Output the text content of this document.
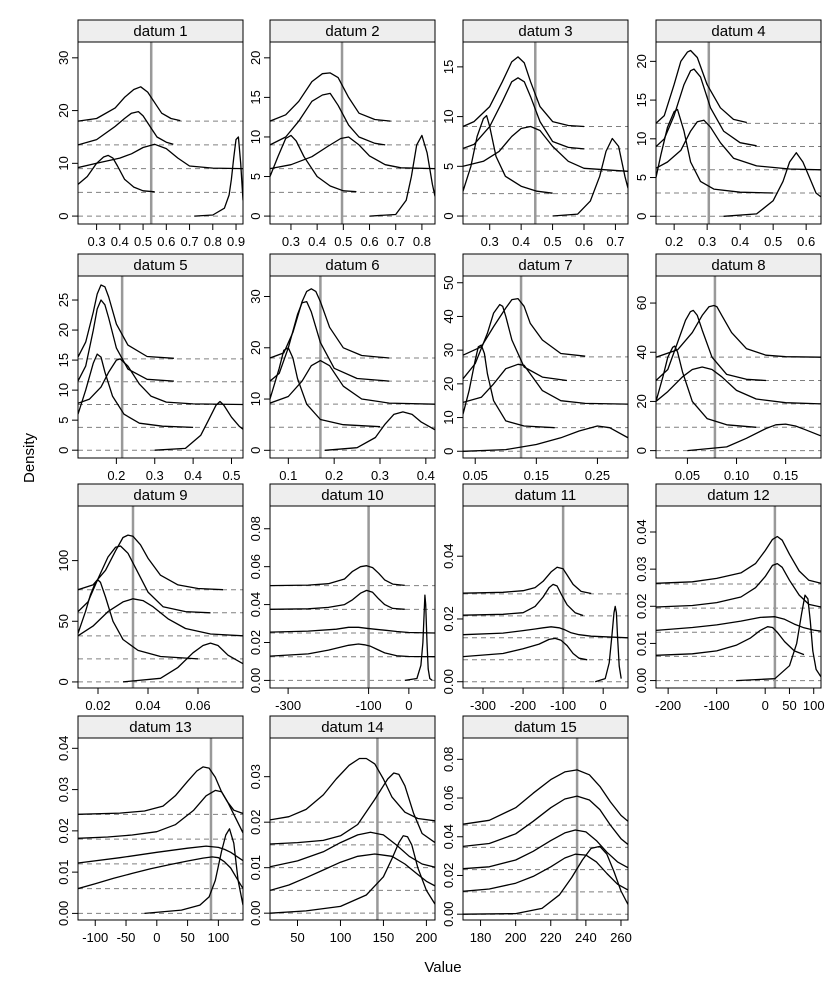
Density
Value
datum 1
0.3 0.4 0.5 0.6 0.7 0.8 0.9
0
10
20
30
datum 2
0.3 0.4 0.5 0.6 0.7 0.8
0
5
10
15
20
datum 3
0.3 0.4 0.5 0.6 0.7
0
5
10
15
datum 4
0.2 0.3 0.4 0.5 0.6
0
5
10
15
20
datum 5
0.2 0.3 0.4 0.5
0
5
10
15
20
25
datum 6
0.1 0.2 0.3 0.4
0
10
20
30
datum 7
0.05	0.15	0.25
0
10
20
30
40
50
datum 8
0.05 0.10 0.15
0
20
40
60
datum 9
0.02 0.04 0.06
0
50
100
datum 10
-300	-100 0
0.00
0.02
0.04
0.06
0.08
datum 11
-300 -200 -100 0
0.00
0.02
0.04
datum 12
-200 -100 0 50 100
0.00
0.01
0.02
0.03
0.04
datum 13
-100 -50 0 50 100
0.00
0.01
0.02
0.03
0.04
datum 14
50 100 150 200
0.00
0.01
0.02
0.03
datum 15
180 200 220 240 260
0.00
0.02
0.04
0.06
0.08
